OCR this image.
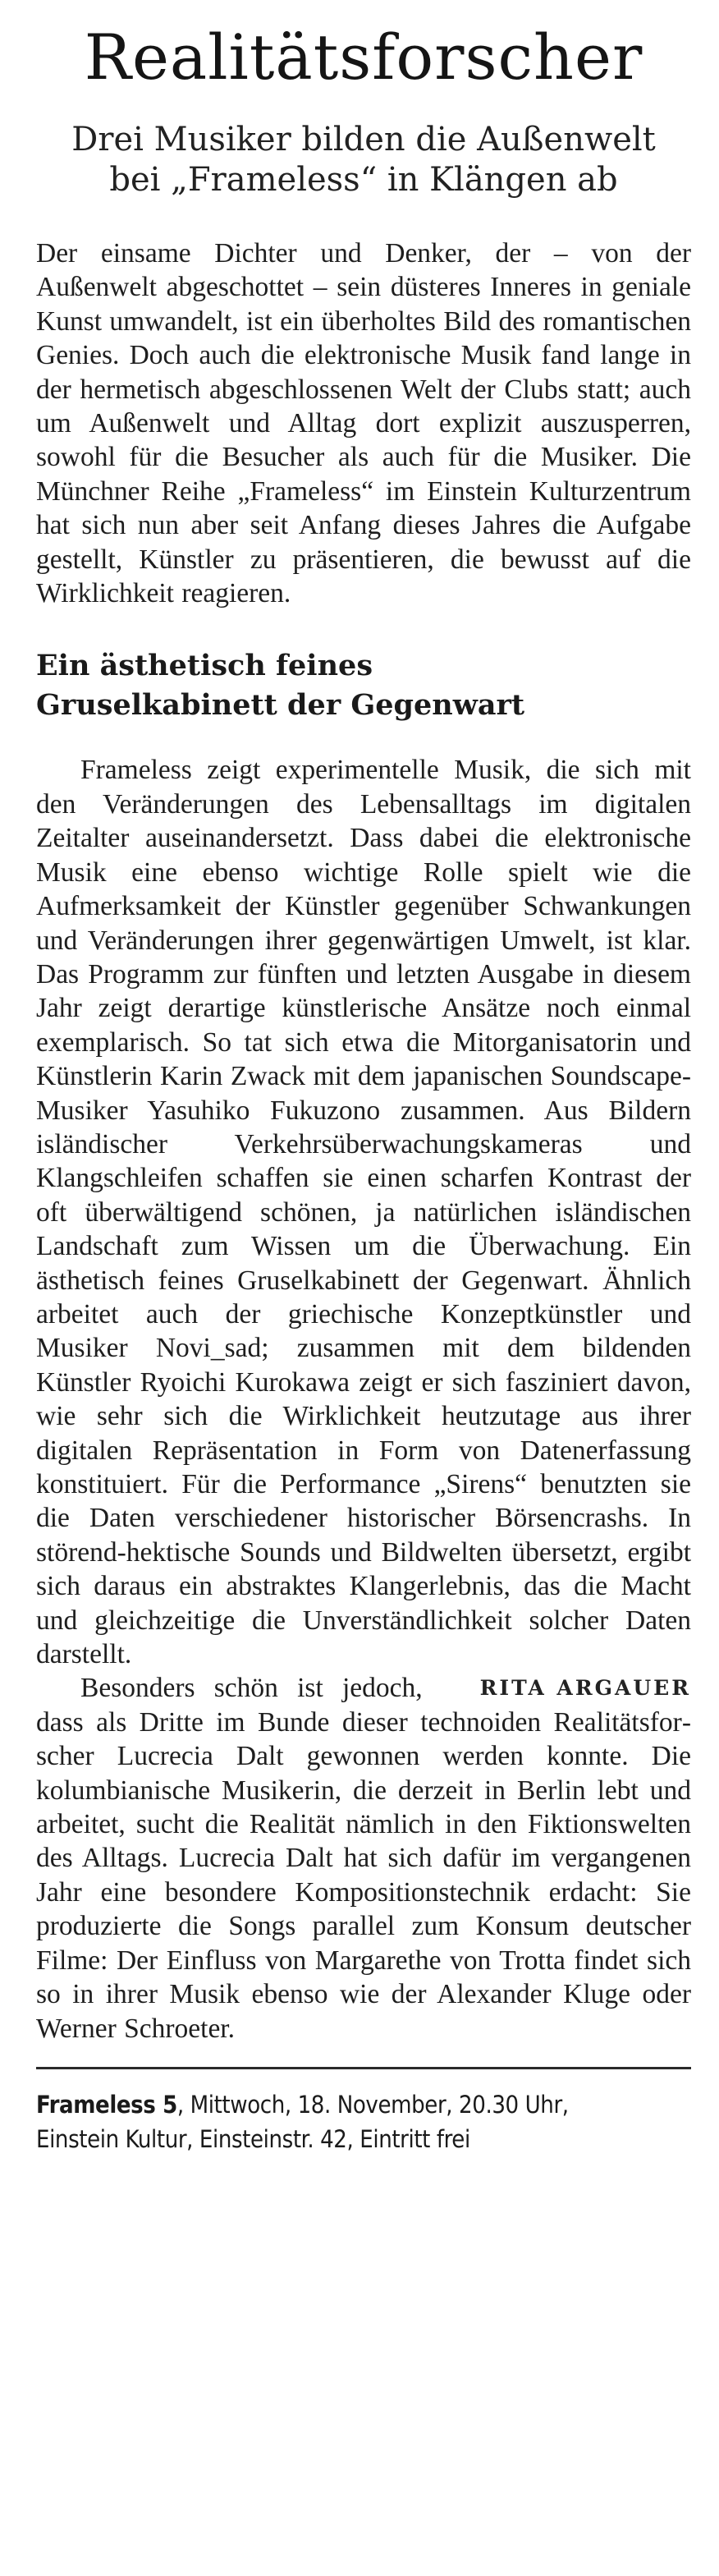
Realitätsforscher
Drei Musiker bilden die Außenwelt
bei „Frameless“ in Klängen ab

Der einsame Dichter und Denker, der – von der Außenwelt abgeschottet – sein düsteres Inneres in geniale Kunst umwandelt, ist ein überholtes Bild des romantischen Genies. Doch auch die elektronische Musik fand lange in der hermetisch abgeschlossenen Welt der Clubs statt; auch um Außenwelt und Alltag dort explizit auszusperren, sowohl für die Besucher als auch für die Musiker. Die Münchner Reihe „Frameless“ im Einstein Kulturzentrum hat sich nun aber seit Anfang dieses Jahres die Aufgabe gestellt, Künstler zu präsentieren, die bewusst auf die Wirklichkeit reagieren.

Ein ästhetisch feines
Gruselkabinett der Gegenwart

Frameless zeigt experimentelle Musik, die sich mit den Veränderungen des Lebensalltags im digitalen Zeitalter auseinandersetzt. Dass dabei die elektronische Musik eine ebenso wichtige Rolle spielt wie die Aufmerksamkeit der Künstler gegenüber Schwankungen und Veränderungen ihrer gegenwärtigen Umwelt, ist klar. Das Programm zur fünften und letzten Ausgabe in diesem Jahr zeigt derartige künstlerische Ansätze noch einmal exemplarisch. So tat sich etwa die Mitorganisatorin und Künstlerin Karin Zwack mit dem japanischen Soundscape-Musiker Yasuhiko Fukuzono zusammen. Aus Bildern isländischer Verkehrsüberwachungskameras und Klangschleifen schaffen sie einen scharfen Kontrast der oft überwältigend schönen, ja natürlichen isländischen Landschaft zum Wissen um die Überwachung. Ein ästhetisch feines Gruselkabinett der Gegenwart. Ähnlich arbeitet auch der griechische Konzeptkünstler und Musiker Novi_sad; zusammen mit dem bildenden Künstler Ryoichi Kurokawa zeigt er sich fasziniert davon, wie sehr sich die Wirklichkeit heutzutage aus ihrer digitalen Repräsentation in Form von Datenerfassung konstituiert. Für die Performance „Sirens“ benutzten sie die Daten verschiedener historischer Börsencrashs. In störend-hektische Sounds und Bildwelten übersetzt, ergibt sich daraus ein abstraktes Klangerlebnis, das die Macht und gleichzeitige die Unverständlichkeit solcher Daten darstellt.

RITA ARGAUER
Besonders schön ist jedoch, dass als Dritte im Bunde dieser technoiden Realitätsforscher Lucrecia Dalt gewonnen werden konnte. Die kolumbianische Musikerin, die derzeit in Berlin lebt und arbeitet, sucht die Realität nämlich in den Fiktionswelten des Alltags. Lucrecia Dalt hat sich dafür im vergangenen Jahr eine besondere Kompositionstechnik erdacht: Sie produzierte die Songs parallel zum Konsum deutscher Filme: Der Einfluss von Margarethe von Trotta findet sich so in ihrer Musik ebenso wie der Alexander Kluge oder Werner Schroeter.

Frameless 5, Mittwoch, 18. November, 20.30 Uhr,
Einstein Kultur, Einsteinstr. 42, Eintritt frei
